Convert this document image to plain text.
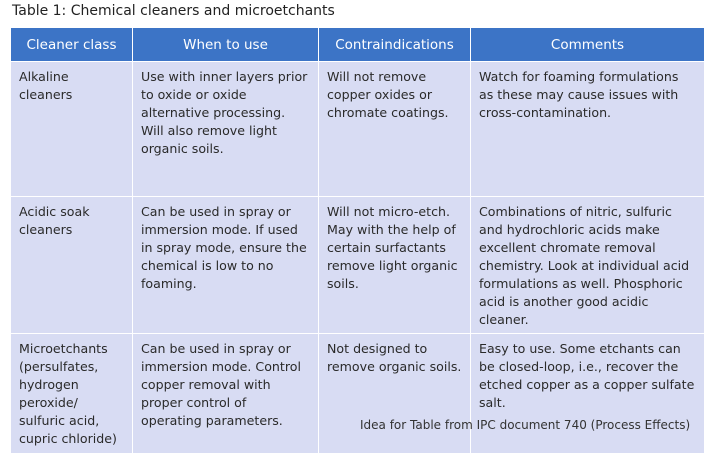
Table 1: Chemical cleaners and microetchants
Cleaner class	When to use	Contraindications	Comments
Alkaline cleaners	Use with inner layers prior to oxide or oxide alternative processing. Will also remove light organic soils.	Will not remove copper oxides or chromate coatings.	Watch for foaming formulations as these may cause issues with cross-contamination.
Acidic soak cleaners	Can be used in spray or immersion mode. If used in spray mode, ensure the chemical is low to no foaming.	Will not micro-etch. May with the help of certain surfactants remove light organic soils.	Combinations of nitric, sulfuric and hydrochloric acids make excellent chromate removal chemistry. Look at individual acid formulations as well. Phosphoric acid is another good acidic cleaner.
Microetchants (persulfates, hydrogen peroxide/ sulfuric acid, cupric chloride)	Can be used in spray or immersion mode. Control copper removal with proper control of operating parameters.	Not designed to remove organic soils.	Easy to use. Some etchants can be closed-loop, i.e., recover the etched copper as a copper sulfate salt.
Idea for Table from IPC document 740 (Process Effects)
